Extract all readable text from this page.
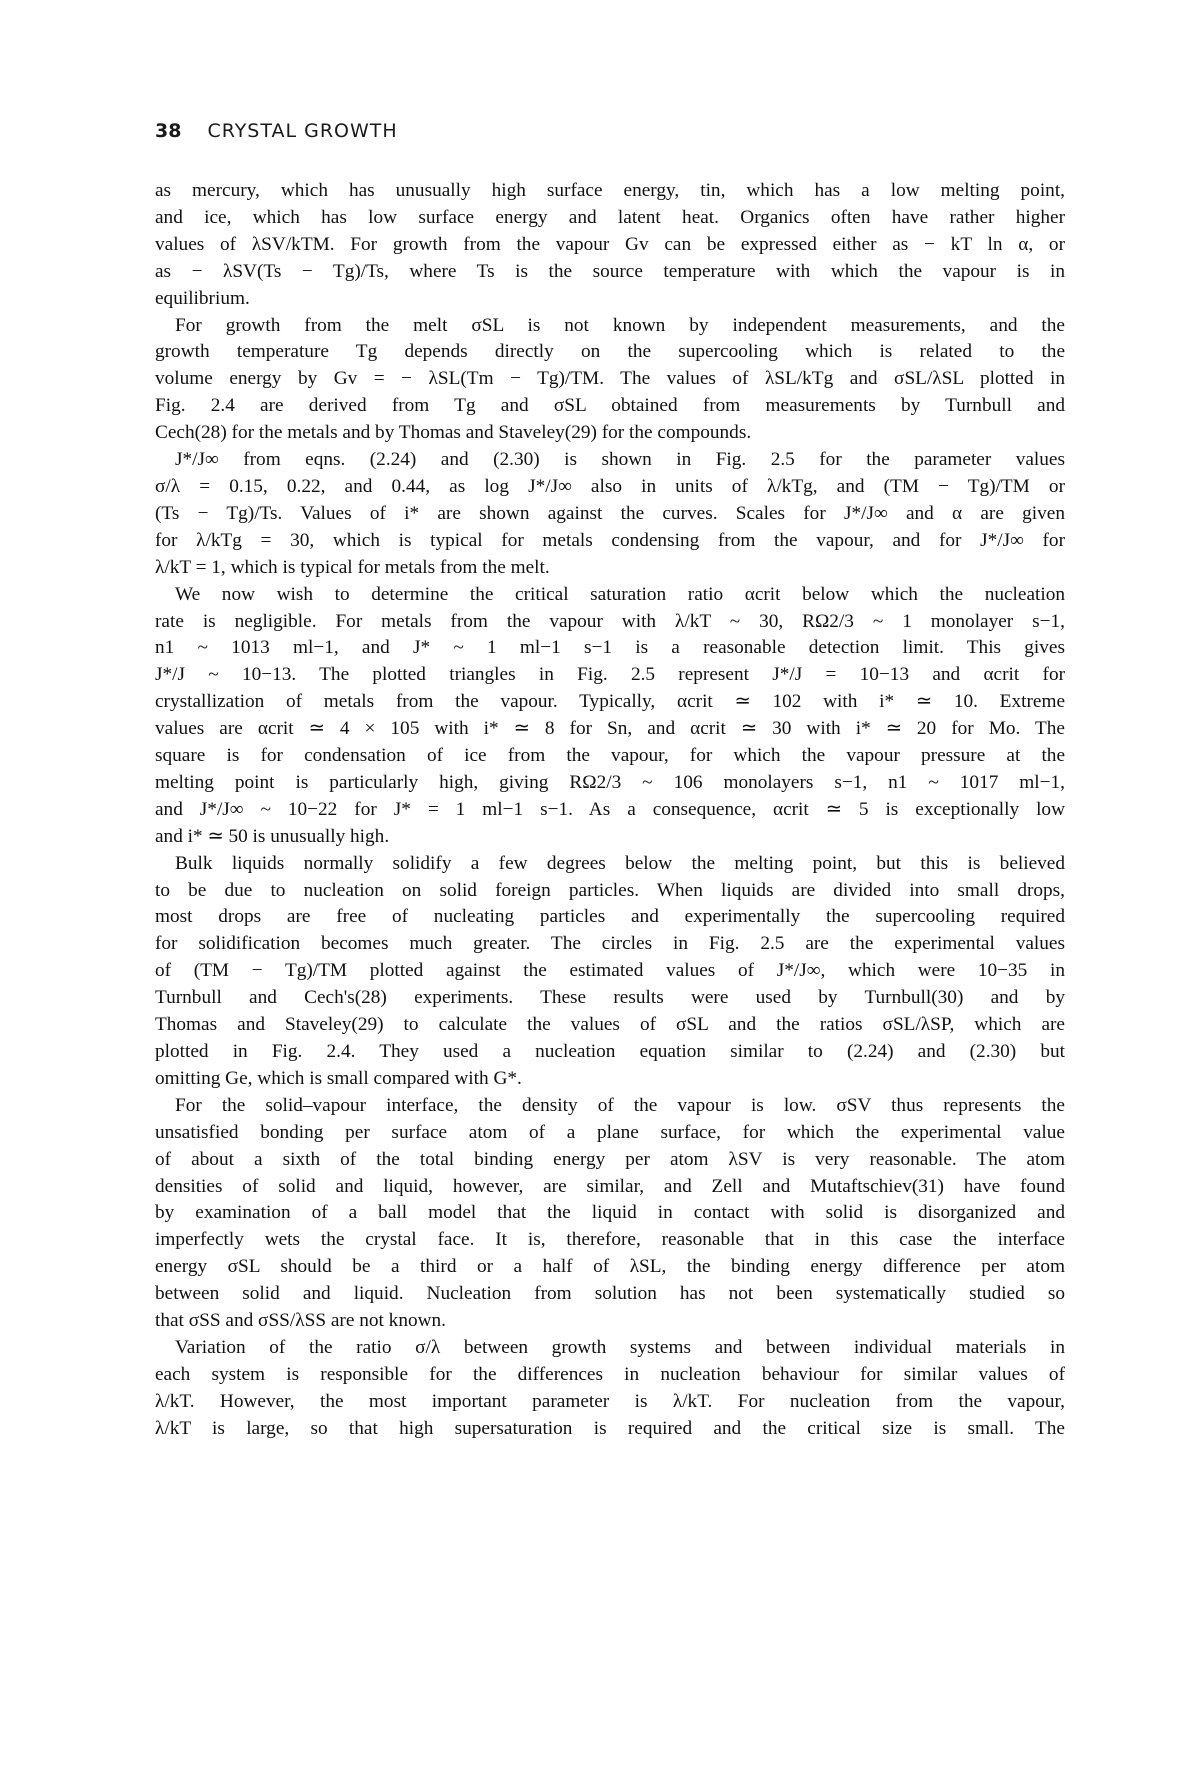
38 CRYSTAL GROWTH
as mercury, which has unusually high surface energy, tin, which has a low melting point,
and ice, which has low surface energy and latent heat. Organics often have rather higher
values of λSV/kTM. For growth from the vapour Gv can be expressed either as − kT ln α, or
as − λSV(Ts − Tg)/Ts, where Ts is the source temperature with which the vapour is in
equilibrium.
For growth from the melt σSL is not known by independent measurements, and the
growth temperature Tg depends directly on the supercooling which is related to the
volume energy by Gv = − λSL(Tm − Tg)/TM. The values of λSL/kTg and σSL/λSL plotted in
Fig. 2.4 are derived from Tg and σSL obtained from measurements by Turnbull and
Cech(28) for the metals and by Thomas and Staveley(29) for the compounds.
J*/J∞ from eqns. (2.24) and (2.30) is shown in Fig. 2.5 for the parameter values
σ/λ = 0.15, 0.22, and 0.44, as log J*/J∞ also in units of λ/kTg, and (TM − Tg)/TM or
(Ts − Tg)/Ts. Values of i* are shown against the curves. Scales for J*/J∞ and α are given
for λ/kTg = 30, which is typical for metals condensing from the vapour, and for J*/J∞ for
λ/kT = 1, which is typical for metals from the melt.
We now wish to determine the critical saturation ratio αcrit below which the nucleation
rate is negligible. For metals from the vapour with λ/kT ~ 30, RΩ2/3 ~ 1 monolayer s−1,
n1 ~ 1013 ml−1, and J* ~ 1 ml−1 s−1 is a reasonable detection limit. This gives
J*/J ~ 10−13. The plotted triangles in Fig. 2.5 represent J*/J = 10−13 and αcrit for
crystallization of metals from the vapour. Typically, αcrit ≃ 102 with i* ≃ 10. Extreme
values are αcrit ≃ 4 × 105 with i* ≃ 8 for Sn, and αcrit ≃ 30 with i* ≃ 20 for Mo. The
square is for condensation of ice from the vapour, for which the vapour pressure at the
melting point is particularly high, giving RΩ2/3 ~ 106 monolayers s−1, n1 ~ 1017 ml−1,
and J*/J∞ ~ 10−22 for J* = 1 ml−1 s−1. As a consequence, αcrit ≃ 5 is exceptionally low
and i* ≃ 50 is unusually high.
Bulk liquids normally solidify a few degrees below the melting point, but this is believed
to be due to nucleation on solid foreign particles. When liquids are divided into small drops,
most drops are free of nucleating particles and experimentally the supercooling required
for solidification becomes much greater. The circles in Fig. 2.5 are the experimental values
of (TM − Tg)/TM plotted against the estimated values of J*/J∞, which were 10−35 in
Turnbull and Cech's(28) experiments. These results were used by Turnbull(30) and by
Thomas and Staveley(29) to calculate the values of σSL and the ratios σSL/λSP, which are
plotted in Fig. 2.4. They used a nucleation equation similar to (2.24) and (2.30) but
omitting Ge, which is small compared with G*.
For the solid–vapour interface, the density of the vapour is low. σSV thus represents the
unsatisfied bonding per surface atom of a plane surface, for which the experimental value
of about a sixth of the total binding energy per atom λSV is very reasonable. The atom
densities of solid and liquid, however, are similar, and Zell and Mutaftschiev(31) have found
by examination of a ball model that the liquid in contact with solid is disorganized and
imperfectly wets the crystal face. It is, therefore, reasonable that in this case the interface
energy σSL should be a third or a half of λSL, the binding energy difference per atom
between solid and liquid. Nucleation from solution has not been systematically studied so
that σSS and σSS/λSS are not known.
Variation of the ratio σ/λ between growth systems and between individual materials in
each system is responsible for the differences in nucleation behaviour for similar values of
λ/kT. However, the most important parameter is λ/kT. For nucleation from the vapour,
λ/kT is large, so that high supersaturation is required and the critical size is small. The
